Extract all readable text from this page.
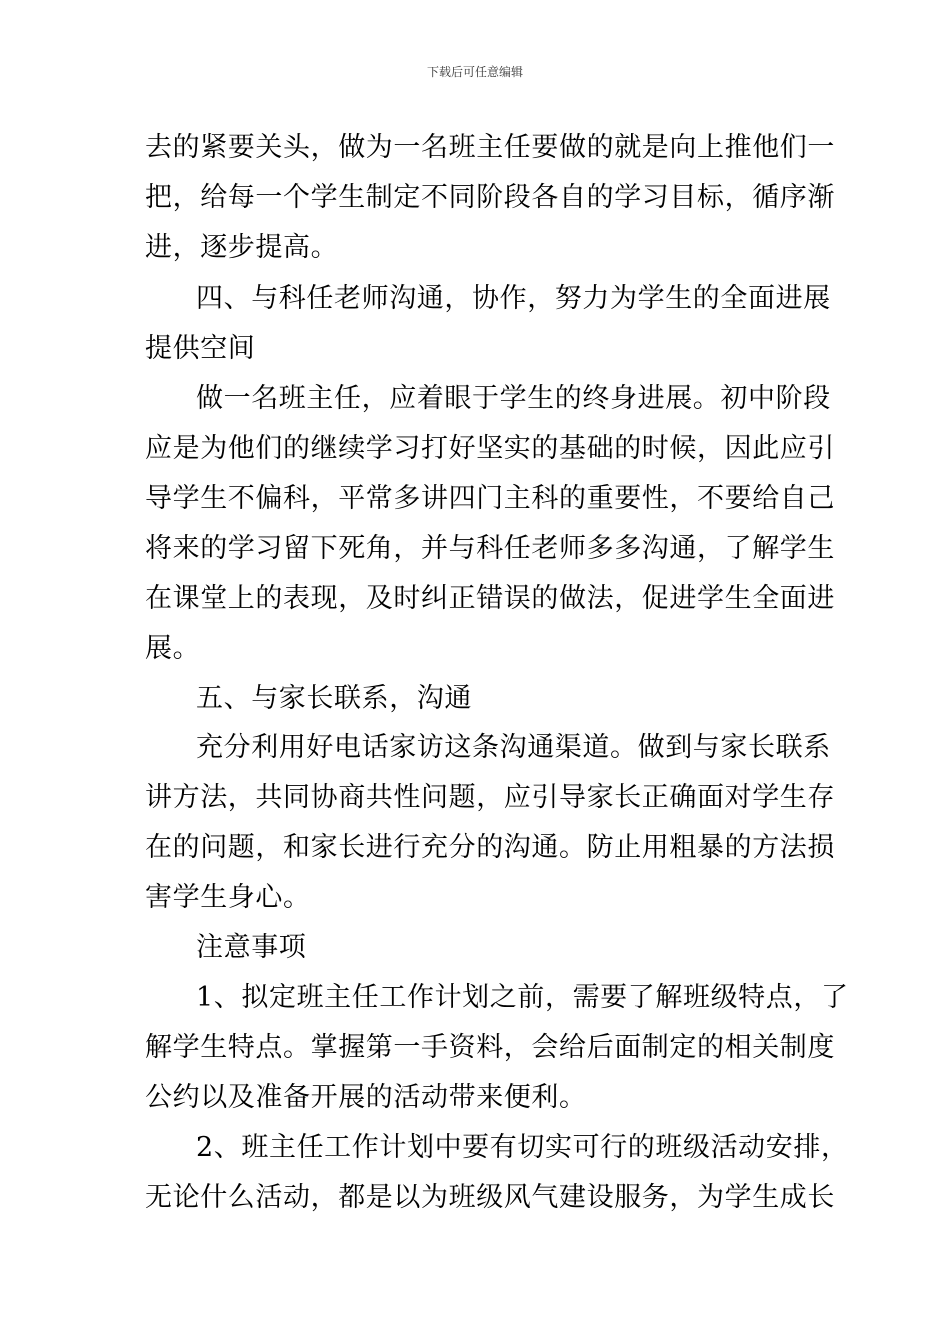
下载后可任意编辑
去的紧要关头，做为一名班主任要做的就是向上推他们一
把，给每一个学生制定不同阶段各自的学习目标，循序渐
进，逐步提高。
四、与科任老师沟通，协作，努力为学生的全面进展
提供空间
做一名班主任，应着眼于学生的终身进展。初中阶段
应是为他们的继续学习打好坚实的基础的时候，因此应引
导学生不偏科，平常多讲四门主科的重要性，不要给自己
将来的学习留下死角，并与科任老师多多沟通，了解学生
在课堂上的表现，及时纠正错误的做法，促进学生全面进
展。
五、与家长联系，沟通
充分利用好电话家访这条沟通渠道。做到与家长联系
讲方法，共同协商共性问题，应引导家长正确面对学生存
在的问题，和家长进行充分的沟通。防止用粗暴的方法损
害学生身心。
注意事项
1、拟定班主任工作计划之前，需要了解班级特点，了
解学生特点。掌握第一手资料，会给后面制定的相关制度
公约以及准备开展的活动带来便利。
2、班主任工作计划中要有切实可行的班级活动安排，
无论什么活动，都是以为班级风气建设服务，为学生成长
